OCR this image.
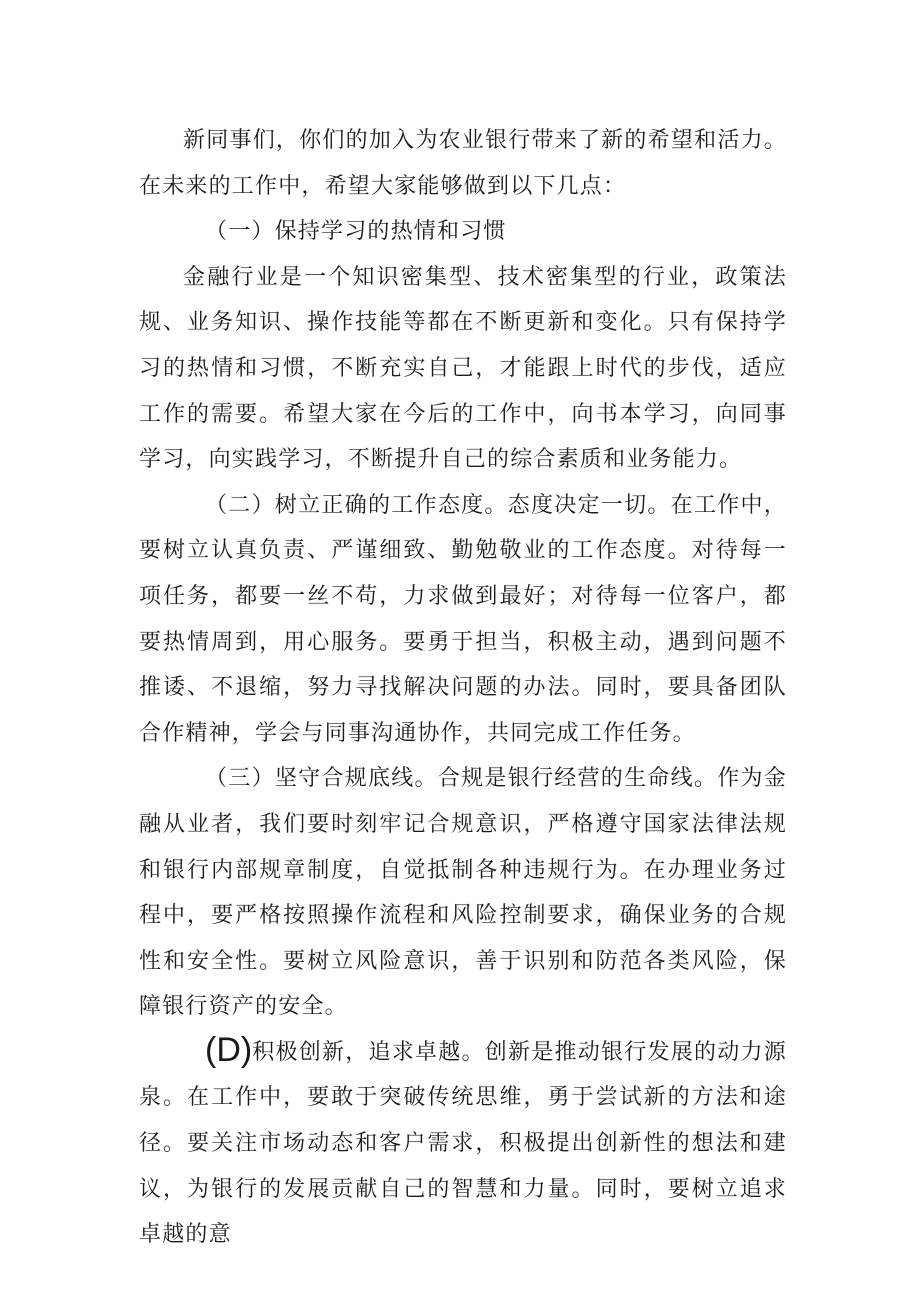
新同事们，你们的加入为农业银行带来了新的希望和活力。在未来的工作中，希望大家能够做到以下几点：

（一）保持学习的热情和习惯

金融行业是一个知识密集型、技术密集型的行业，政策法规、业务知识、操作技能等都在不断更新和变化。只有保持学习的热情和习惯，不断充实自己，才能跟上时代的步伐，适应工作的需要。希望大家在今后的工作中，向书本学习，向同事学习，向实践学习，不断提升自己的综合素质和业务能力。

（二）树立正确的工作态度。态度决定一切。在工作中，要树立认真负责、严谨细致、勤勉敬业的工作态度。对待每一项任务，都要一丝不苟，力求做到最好；对待每一位客户，都要热情周到，用心服务。要勇于担当，积极主动，遇到问题不推诿、不退缩，努力寻找解决问题的办法。同时，要具备团队合作精神，学会与同事沟通协作，共同完成工作任务。

（三）坚守合规底线。合规是银行经营的生命线。作为金融从业者，我们要时刻牢记合规意识，严格遵守国家法律法规和银行内部规章制度，自觉抵制各种违规行为。在办理业务过程中，要严格按照操作流程和风险控制要求，确保业务的合规性和安全性。要树立风险意识，善于识别和防范各类风险，保障银行资产的安全。

(D)积极创新，追求卓越。创新是推动银行发展的动力源泉。在工作中，要敢于突破传统思维，勇于尝试新的方法和途径。要关注市场动态和客户需求，积极提出创新性的想法和建议，为银行的发展贡献自己的智慧和力量。同时，要树立追求卓越的意
